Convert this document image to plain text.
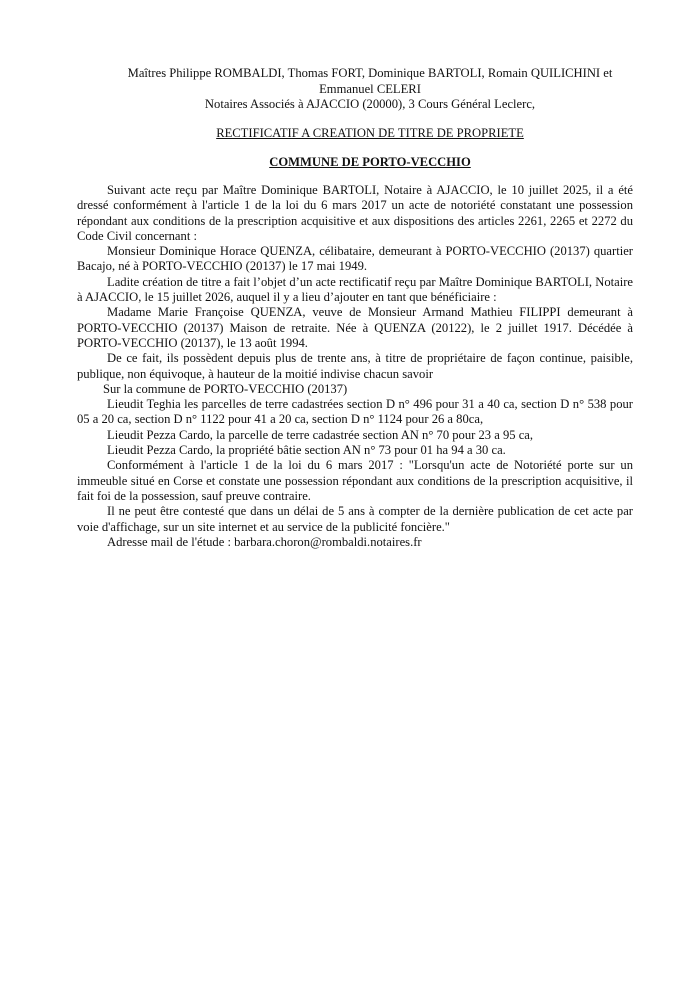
Maîtres Philippe ROMBALDI, Thomas FORT, Dominique BARTOLI, Romain QUILICHINI et
Emmanuel CELERI
Notaires Associés à AJACCIO (20000), 3 Cours Général Leclerc,
RECTIFICATIF A CREATION DE TITRE DE PROPRIETE
COMMUNE DE PORTO-VECCHIO

Suivant acte reçu par Maître Dominique BARTOLI, Notaire à AJACCIO, le 10 juillet 2025, il a été dressé conformément à l'article 1 de la loi du 6 mars 2017 un acte de notoriété constatant une possession répondant aux conditions de la prescription acquisitive et aux dispositions des articles 2261, 2265 et 2272 du Code Civil concernant :

Monsieur Dominique Horace QUENZA, célibataire, demeurant à PORTO-VECCHIO (20137) quartier Bacajo, né à PORTO-VECCHIO (20137) le 17 mai 1949.

Ladite création de titre a fait l’objet d’un acte rectificatif reçu par Maître Dominique BARTOLI, Notaire à AJACCIO, le 15 juillet 2026, auquel il y a lieu d’ajouter en tant que bénéficiaire :

Madame Marie Françoise QUENZA, veuve de Monsieur Armand Mathieu FILIPPI demeurant à PORTO-VECCHIO (20137) Maison de retraite. Née à QUENZA (20122), le 2 juillet 1917. Décédée à PORTO-VECCHIO (20137), le 13 août 1994.

De ce fait, ils possèdent depuis plus de trente ans, à titre de propriétaire de façon continue, paisible, publique, non équivoque, à hauteur de la moitié indivise chacun savoir

Sur la commune de PORTO-VECCHIO (20137)

Lieudit Teghia les parcelles de terre cadastrées section D n° 496 pour 31 a 40 ca, section D n° 538 pour 05 a 20 ca, section D n° 1122 pour 41 a 20 ca, section D n° 1124 pour 26 a 80ca,

Lieudit Pezza Cardo, la parcelle de terre cadastrée section AN n° 70 pour 23 a 95 ca,

Lieudit Pezza Cardo, la propriété bâtie section AN n° 73 pour 01 ha 94 a 30 ca.

Conformément à l'article 1 de la loi du 6 mars 2017 : "Lorsqu'un acte de Notoriété porte sur un immeuble situé en Corse et constate une possession répondant aux conditions de la prescription acquisitive, il fait foi de la possession, sauf preuve contraire.

Il ne peut être contesté que dans un délai de 5 ans à compter de la dernière publication de cet acte par voie d'affichage, sur un site internet et au service de la publicité foncière."

Adresse mail de l'étude : barbara.choron@rombaldi.notaires.fr
